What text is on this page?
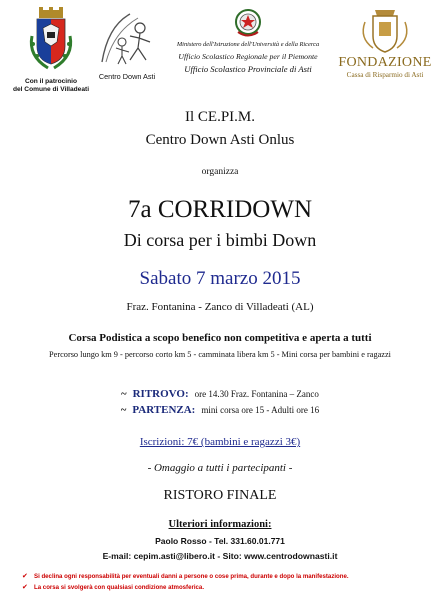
Con il patrocinio
del Comune di Villadeati
Centro Down Asti
Ministero dell'Istruzione dell'Università e della Ricerca
Ufficio Scolastico Regionale per il Piemonte
Ufficio Scolastico Provinciale di Asti	FONDAZIONE
Cassa di Risparmio di Asti
Il CE.PI.M.
Centro Down Asti Onlus
organizza
7a CORRIDOWN
Di corsa per i bimbi Down
Sabato 7 marzo 2015
Fraz. Fontanina - Zanco di Villadeati (AL)
Corsa Podistica a scopo benefico non competitiva e aperta a tutti
Percorso lungo km 9 - percorso corto km 5 - camminata libera km 5 - Mini corsa per bambini e ragazzi
~ RITROVO: ore 14.30 Fraz. Fontanina – Zanco
~ PARTENZA: mini corsa ore 15 - Adulti ore 16
Iscrizioni: 7€ (bambini e ragazzi 3€)
- Omaggio a tutti i partecipanti -
RISTORO FINALE
Ulteriori informazioni:
Paolo Rosso - Tel. 331.60.01.771
E-mail: cepim.asti@libero.it - Sito: www.centrodownasti.it
✔ Si declina ogni responsabilità per eventuali danni a persone o cose prima, durante e dopo la manifestazione.
✔ La corsa si svolgerà con qualsiasi condizione atmosferica.
